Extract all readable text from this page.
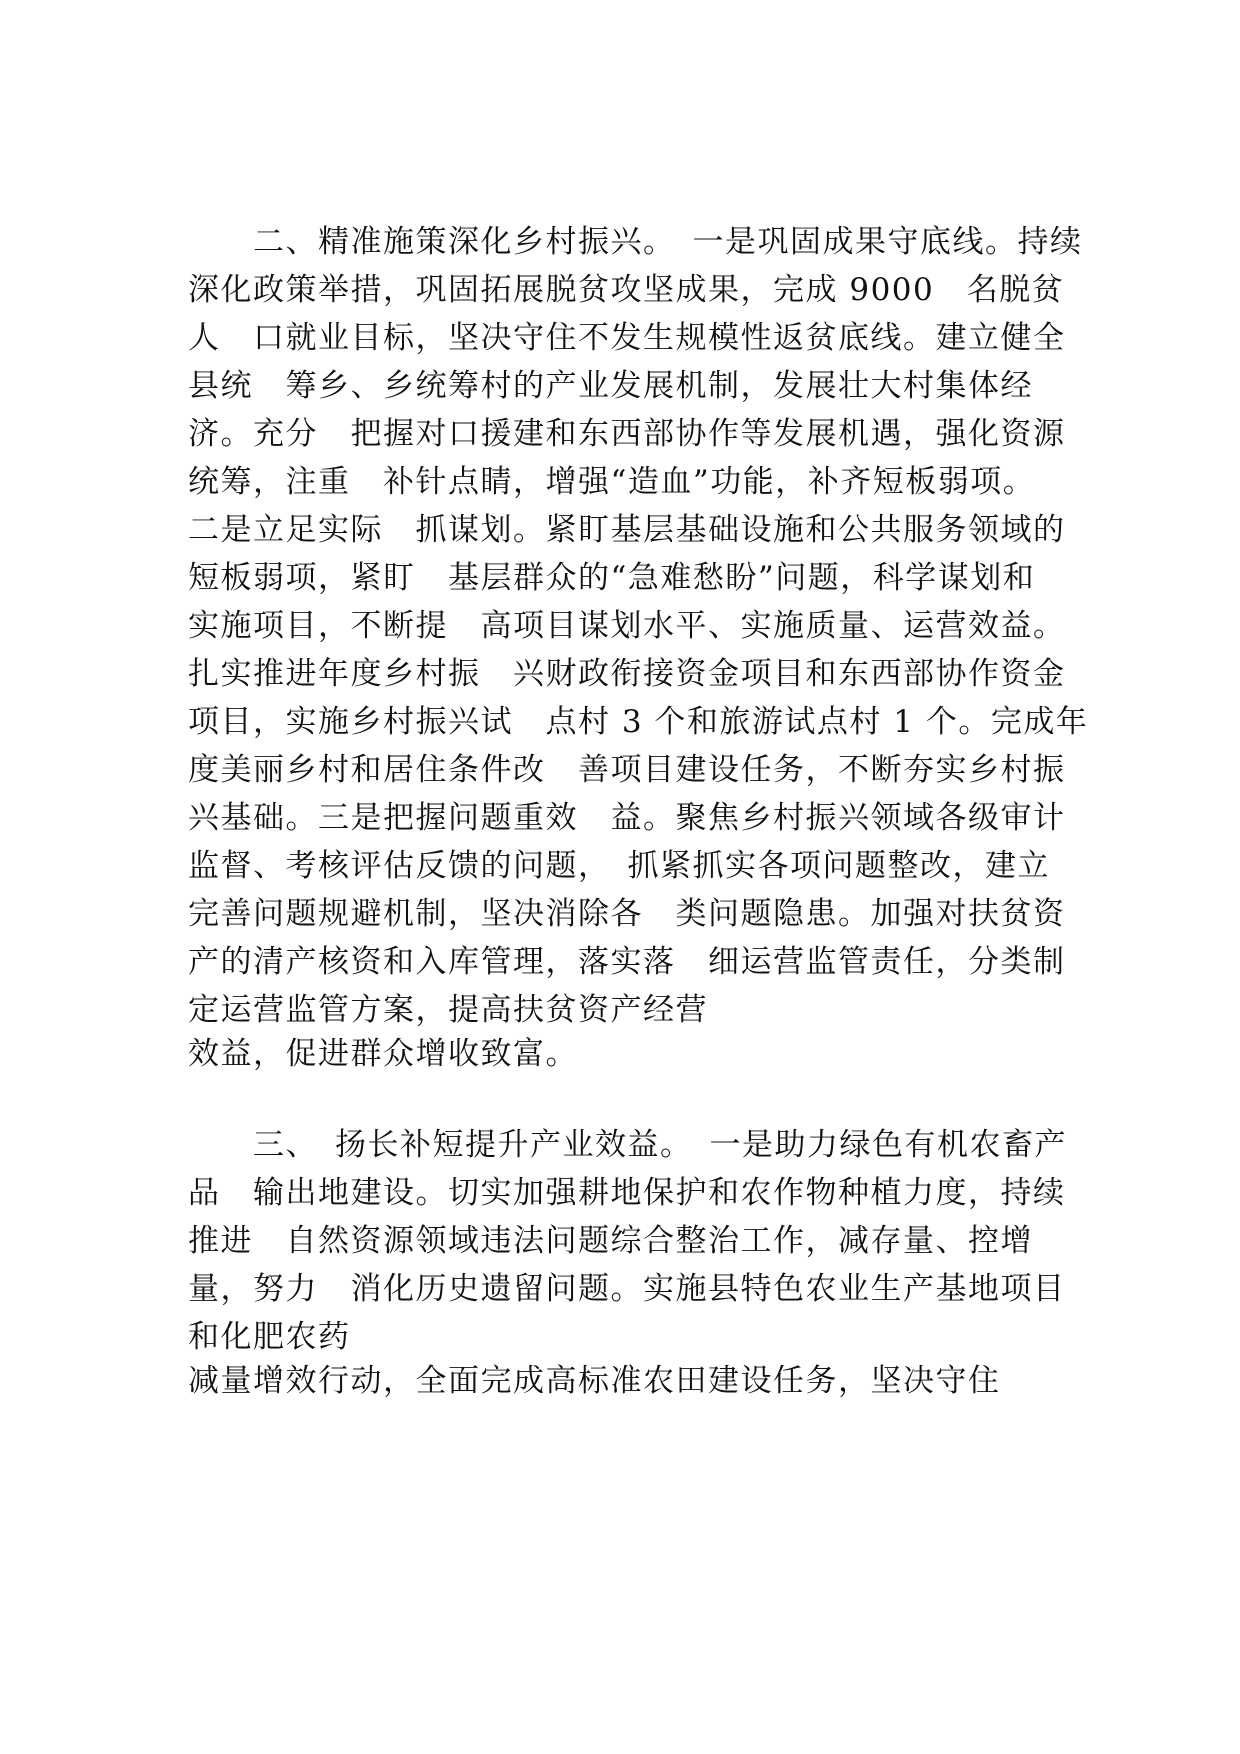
　　二、精准施策深化乡村振兴。　一是巩固成果守底线。持续
深化政策举措，巩固拓展脱贫攻坚成果，完成 9000　名脱贫
人　口就业目标，坚决守住不发生规模性返贫底线。建立健全
县统　筹乡、乡统筹村的产业发展机制，发展壮大村集体经
济。充分　把握对口援建和东西部协作等发展机遇，强化资源
统筹，注重　补针点睛，增强“造血”功能，补齐短板弱项。
二是立足实际　抓谋划。紧盯基层基础设施和公共服务领域的
短板弱项，紧盯　基层群众的“急难愁盼”问题，科学谋划和
实施项目，不断提　高项目谋划水平、实施质量、运营效益。
扎实推进年度乡村振　兴财政衔接资金项目和东西部协作资金
项目，实施乡村振兴试　点村 3 个和旅游试点村 1 个。完成年
度美丽乡村和居住条件改　善项目建设任务，不断夯实乡村振
兴基础。三是把握问题重效　益。聚焦乡村振兴领域各级审计
监督、考核评估反馈的问题，　抓紧抓实各项问题整改，建立
完善问题规避机制，坚决消除各　类问题隐患。加强对扶贫资
产的清产核资和入库管理，落实落　细运营监管责任，分类制
定运营监管方案，提高扶贫资产经营
效益，促进群众增收致富。
　　三、　扬长补短提升产业效益。　一是助力绿色有机农畜产
品　输出地建设。切实加强耕地保护和农作物种植力度，持续
推进　自然资源领域违法问题综合整治工作，减存量、控增
量，努力　消化历史遗留问题。实施县特色农业生产基地项目
和化肥农药
减量增效行动，全面完成高标准农田建设任务，坚决守住
